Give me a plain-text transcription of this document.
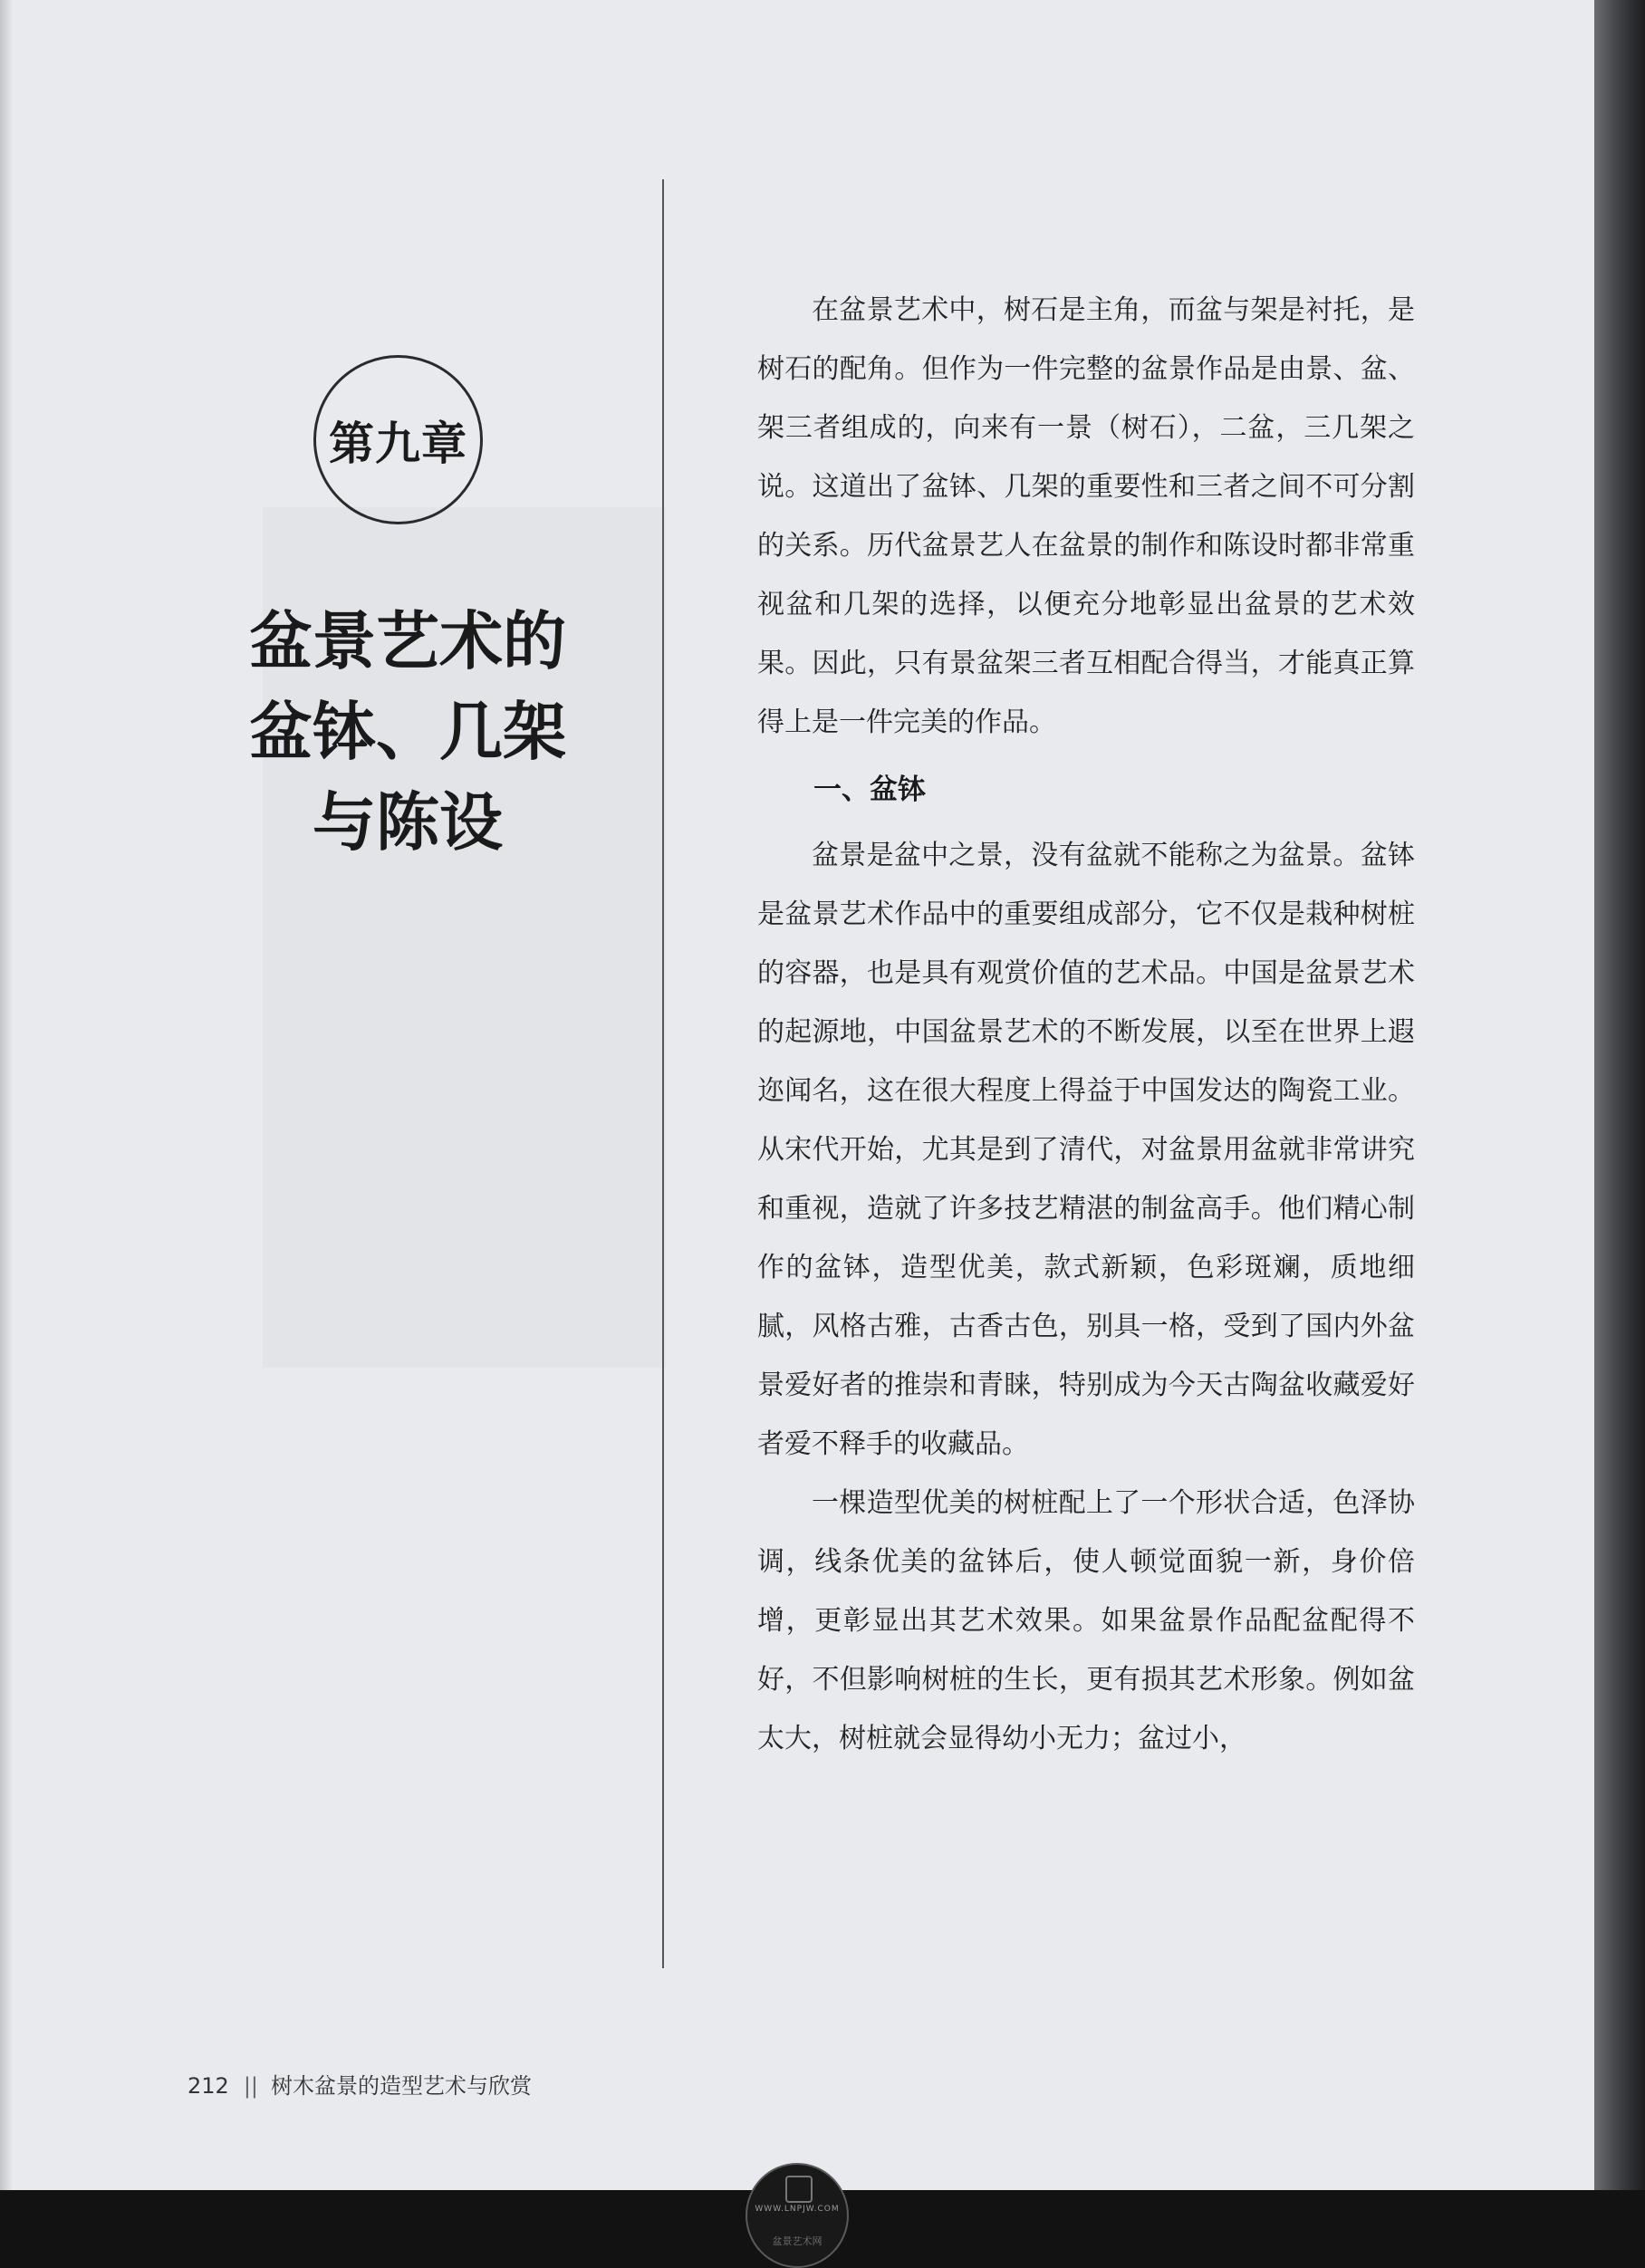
第九章
盆景艺术的
盆钵、几架
与陈设

在盆景艺术中，树石是主角，而盆与架是衬托，是树石的配角。但作为一件完整的盆景作品是由景、盆、架三者组成的，向来有一景（树石），二盆，三几架之说。这道出了盆钵、几架的重要性和三者之间不可分割的关系。历代盆景艺人在盆景的制作和陈设时都非常重视盆和几架的选择，以便充分地彰显出盆景的艺术效果。因此，只有景盆架三者互相配合得当，才能真正算得上是一件完美的作品。

一、盆钵

盆景是盆中之景，没有盆就不能称之为盆景。盆钵是盆景艺术作品中的重要组成部分，它不仅是栽种树桩的容器，也是具有观赏价值的艺术品。中国是盆景艺术的起源地，中国盆景艺术的不断发展，以至在世界上遐迩闻名，这在很大程度上得益于中国发达的陶瓷工业。从宋代开始，尤其是到了清代，对盆景用盆就非常讲究和重视，造就了许多技艺精湛的制盆高手。他们精心制作的盆钵，造型优美，款式新颖，色彩斑斓，质地细腻，风格古雅，古香古色，别具一格，受到了国内外盆景爱好者的推崇和青睐，特别成为今天古陶盆收藏爱好者爱不释手的收藏品。

一棵造型优美的树桩配上了一个形状合适，色泽协调，线条优美的盆钵后，使人顿觉面貌一新，身价倍增，更彰显出其艺术效果。如果盆景作品配盆配得不好，不但影响树桩的生长，更有损其艺术形象。例如盆太大，树桩就会显得幼小无力；盆过小，

212 || 树木盆景的造型艺术与欣赏
WWW.LNPJW.COM
盆景艺术网
